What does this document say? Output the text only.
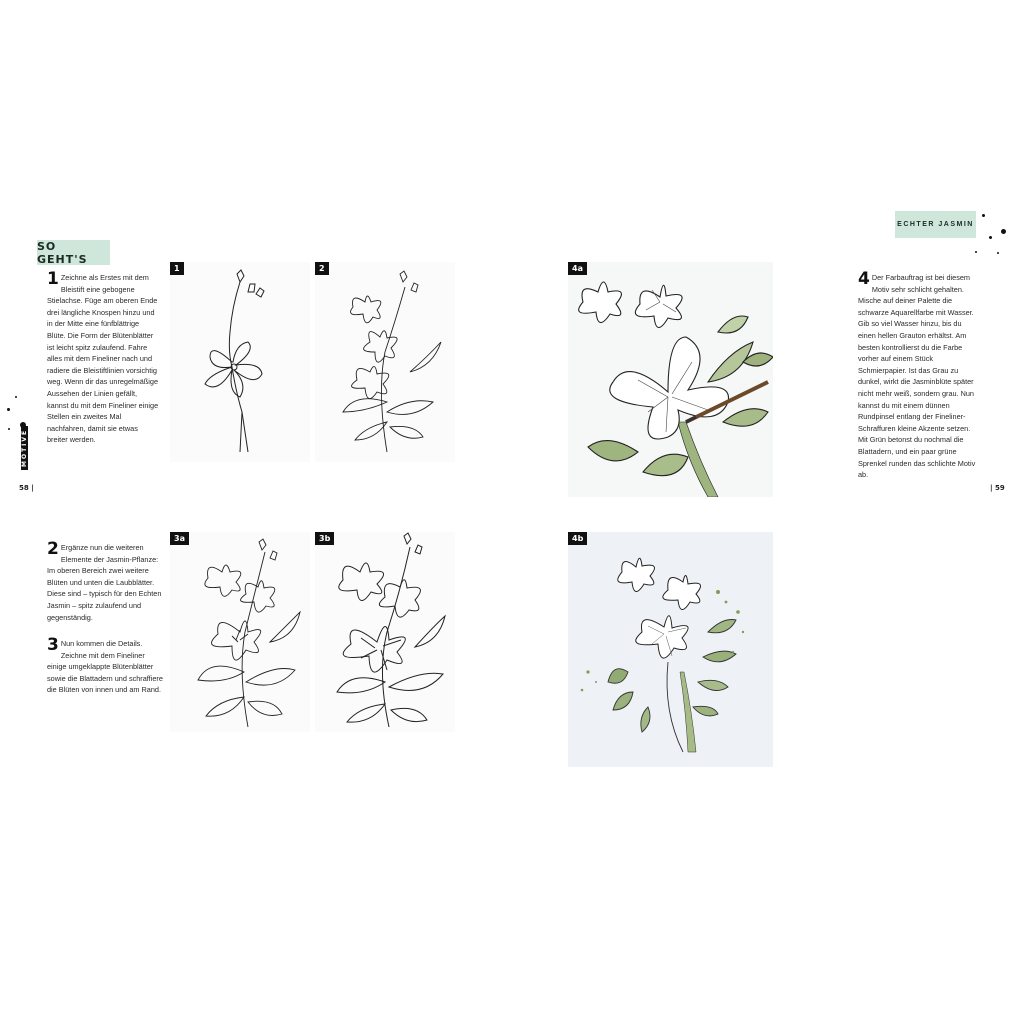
SO GEHT'S
1 Zeichne als Erstes mit dem Bleistift eine gebogene Stielachse. Füge am oberen Ende drei längliche Knospen hinzu und in der Mitte eine fünfblättrige Blüte. Die Form der Blütenblätter ist leicht spitz zulaufend. Fahre alles mit dem Fineliner nach und radiere die Bleistiftlinien vorsichtig weg. Wenn dir das unregelmäßige Aussehen der Linien gefällt, kannst du mit dem Fineliner einige Stellen ein zweites Mal nachfahren, damit sie etwas breiter werden.
2 Ergänze nun die weiteren Elemente der Jasmin-Pflanze: Im oberen Bereich zwei weitere Blüten und unten die Laubblätter. Diese sind – typisch für den Echten Jasmin – spitz zulaufend und gegenständig.
3 Nun kommen die Details. Zeichne mit dem Fineliner einige umgeklappte Blütenblätter sowie die Blattadern und schraffiere die Blüten von innen und am Rand.
MOTIVE
58 |
1	2
3a	3b
ECHTER JASMIN
4 Der Farbauftrag ist bei diesem Motiv sehr schlicht gehalten. Mische auf deiner Palette die schwarze Aquarellfarbe mit Wasser. Gib so viel Wasser hinzu, bis du einen hellen Grauton erhältst. Am besten kontrollierst du die Farbe vorher auf einem Stück Schmierpapier. Ist das Grau zu dunkel, wirkt die Jasminblüte später nicht mehr weiß, sondern grau. Nun kannst du mit einem dünnen Rundpinsel entlang der Fineliner-Schraffuren kleine Akzente setzen. Mit Grün betonst du nochmal die Blattadern, und ein paar grüne Sprenkel runden das schlichte Motiv ab.
| 59
4a
4b
